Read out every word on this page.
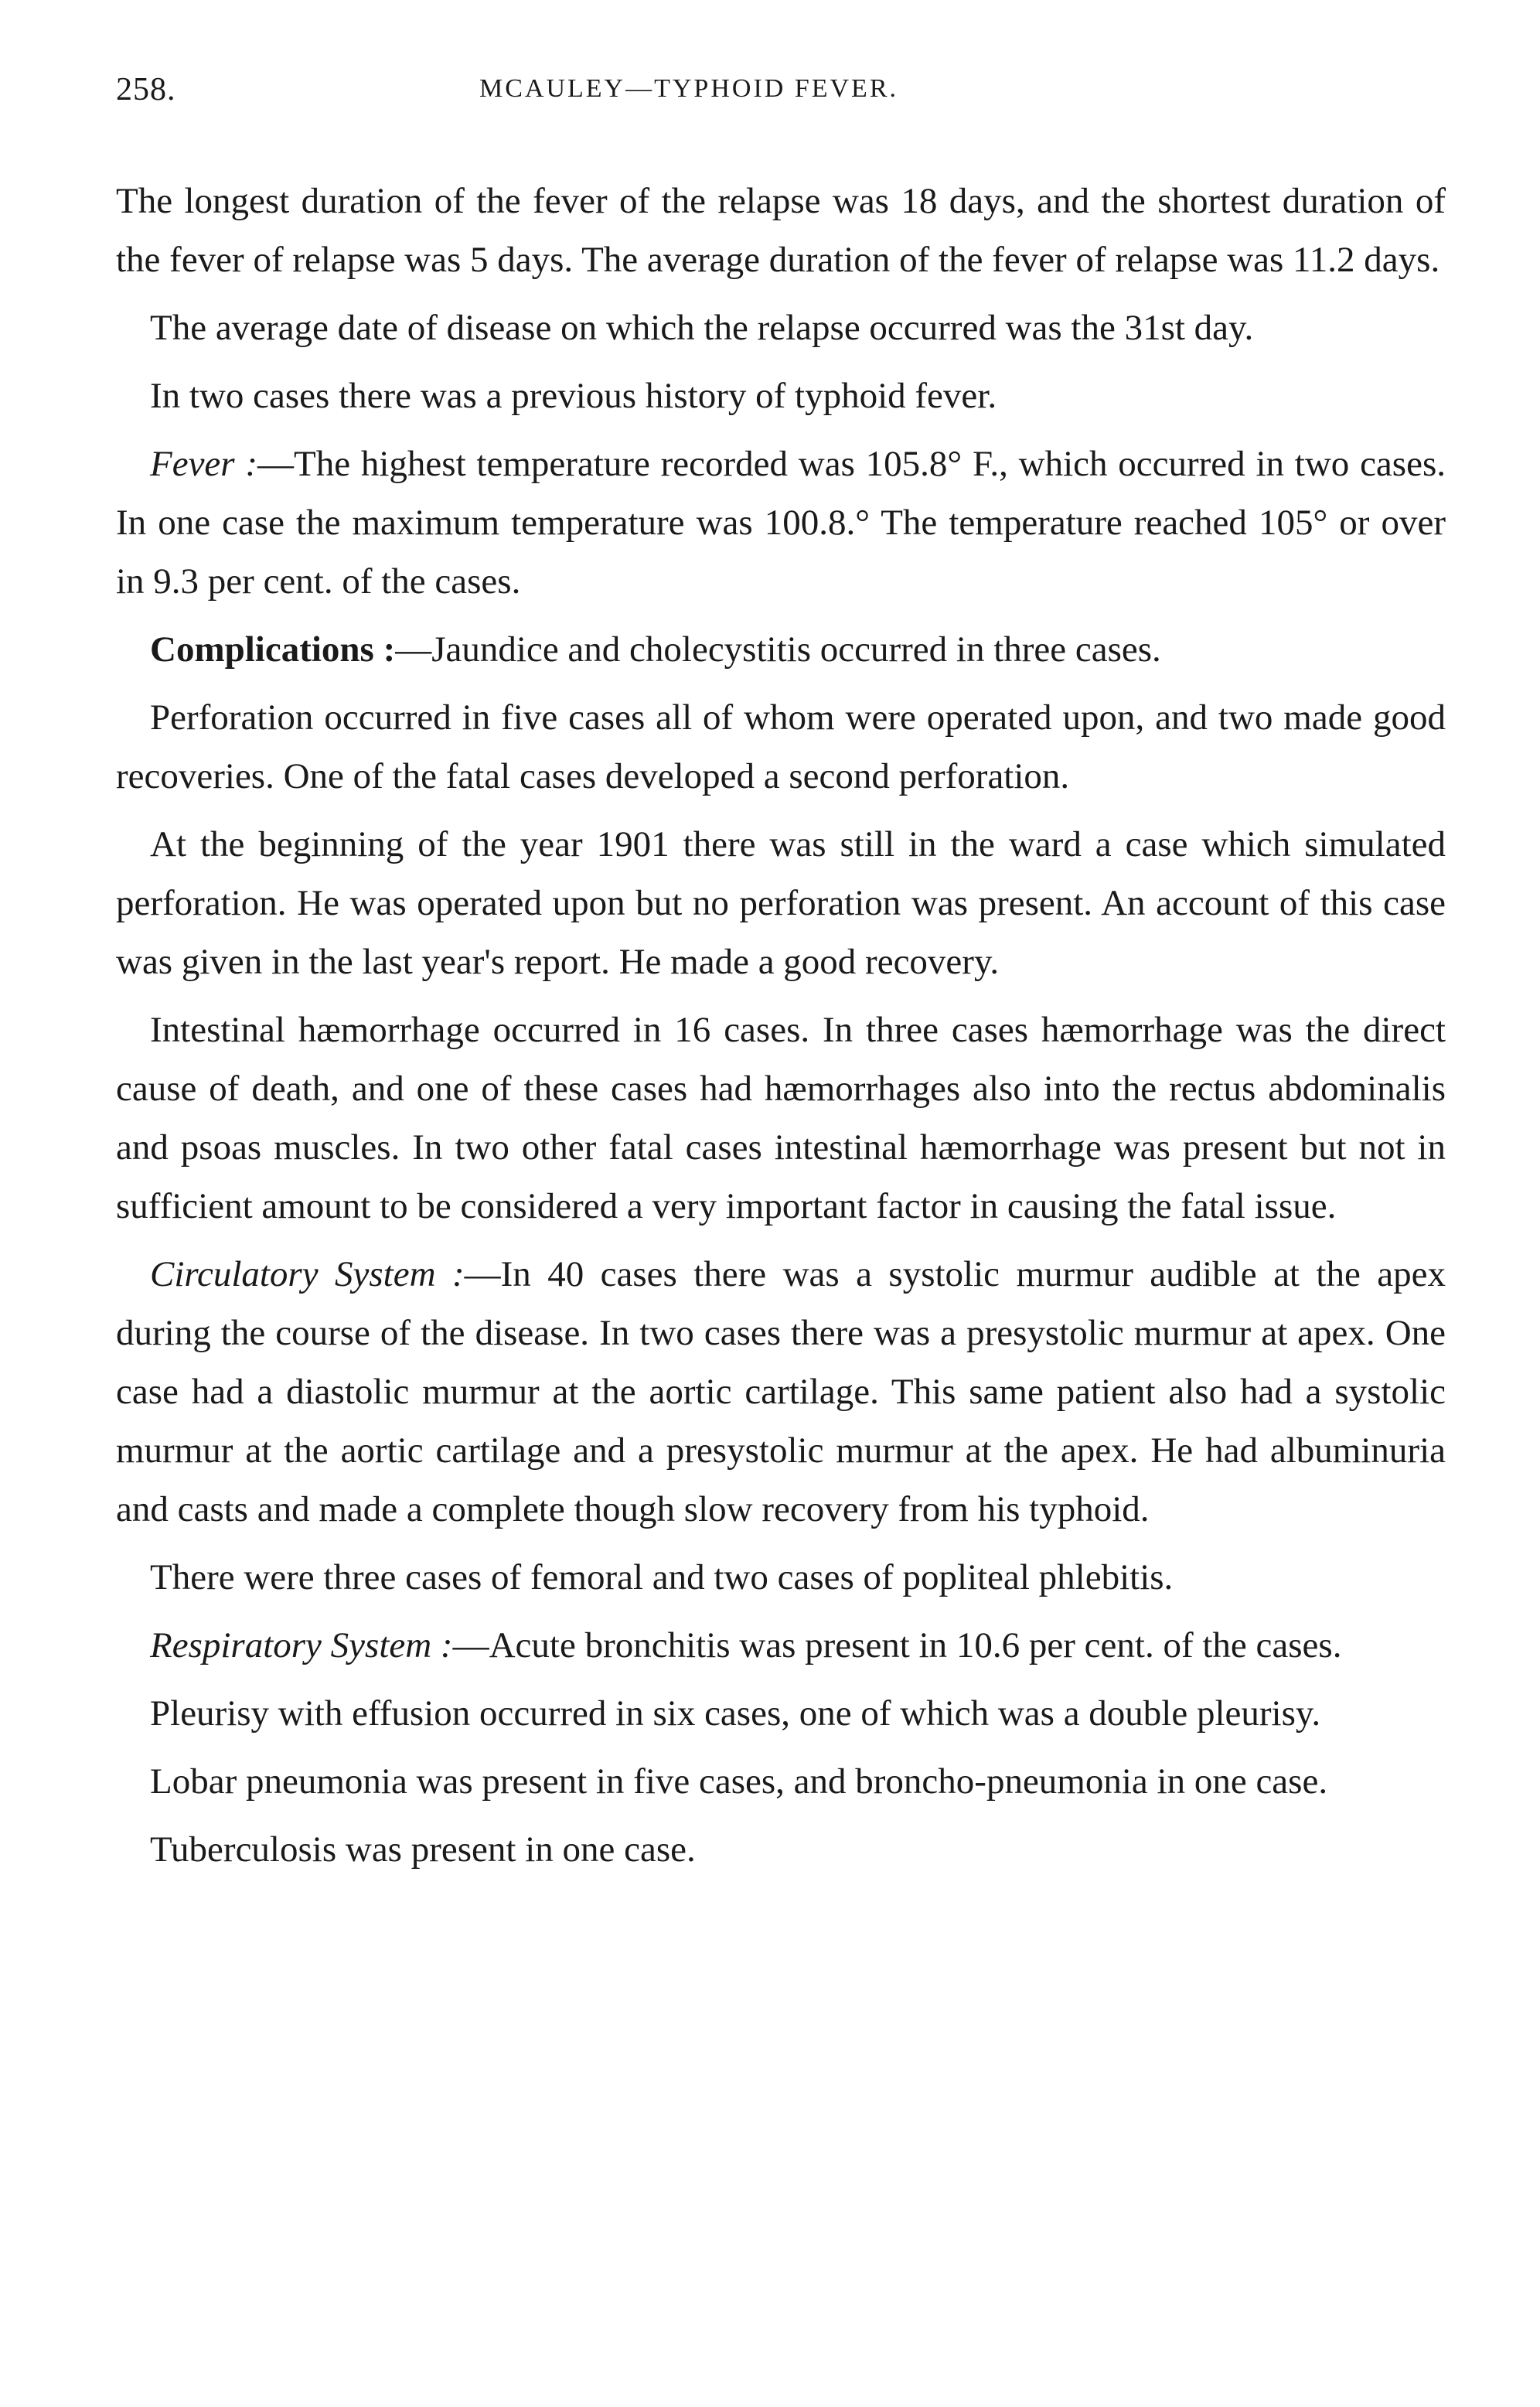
258.	MCAULEY—TYPHOID FEVER.

The longest duration of the fever of the relapse was 18 days, and the shortest duration of the fever of relapse was 5 days. The average duration of the fever of relapse was 11.2 days.

The average date of disease on which the relapse occurred was the 31st day.

In two cases there was a previous history of typhoid fever.

Fever :—The highest temperature recorded was 105.8° F., which occurred in two cases. In one case the maximum temperature was 100.8.° The temperature reached 105° or over in 9.3 per cent. of the cases.

Complications :—Jaundice and cholecystitis occurred in three cases.

Perforation occurred in five cases all of whom were operated upon, and two made good recoveries. One of the fatal cases developed a second perforation.

At the beginning of the year 1901 there was still in the ward a case which simulated perforation. He was operated upon but no perforation was present. An account of this case was given in the last year's report. He made a good recovery.

Intestinal hæmorrhage occurred in 16 cases. In three cases hæmorrhage was the direct cause of death, and one of these cases had hæmorrhages also into the rectus abdominalis and psoas muscles. In two other fatal cases intestinal hæmorrhage was present but not in sufficient amount to be considered a very important factor in causing the fatal issue.

Circulatory System :—In 40 cases there was a systolic murmur audible at the apex during the course of the disease. In two cases there was a presystolic murmur at apex. One case had a diastolic murmur at the aortic cartilage. This same patient also had a systolic murmur at the aortic cartilage and a presystolic murmur at the apex. He had albuminuria and casts and made a complete though slow recovery from his typhoid.

There were three cases of femoral and two cases of popliteal phlebitis.

Respiratory System :—Acute bronchitis was present in 10.6 per cent. of the cases.

Pleurisy with effusion occurred in six cases, one of which was a double pleurisy.

Lobar pneumonia was present in five cases, and broncho-pneumonia in one case.

Tuberculosis was present in one case.
